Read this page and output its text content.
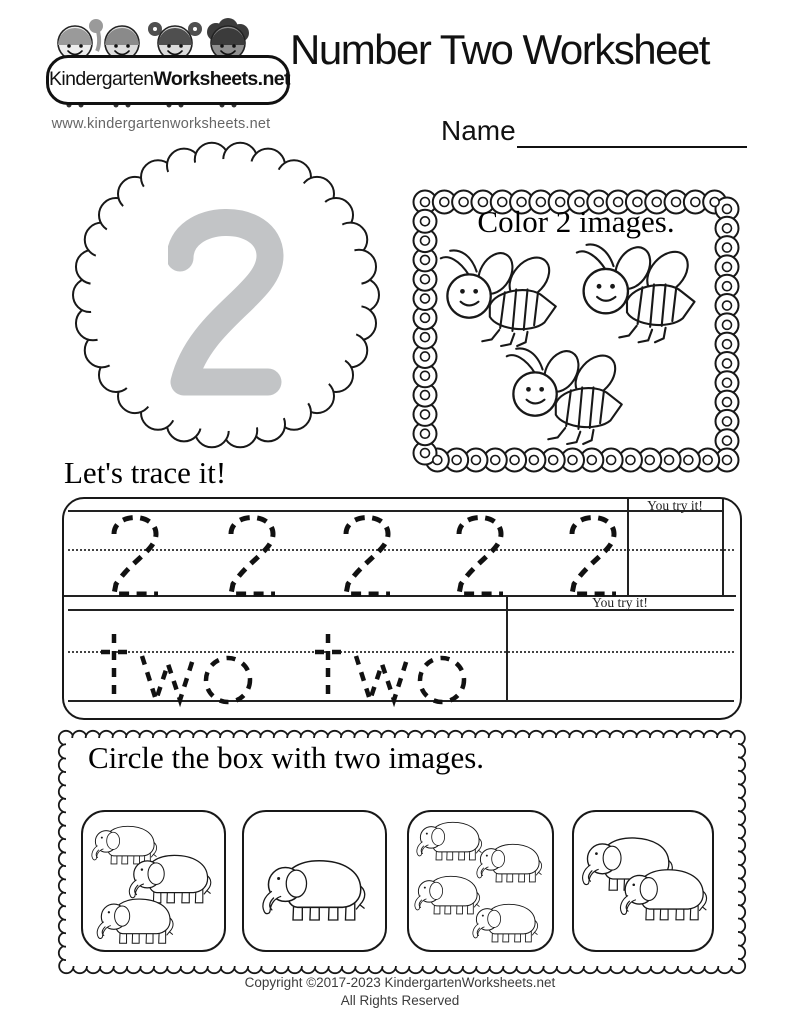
KindergartenWorksheets.net
www.kindergartenworksheets.net
Number Two Worksheet
Name
Color 2 images.
Let's trace it!
You try it!
You try it!
Circle the box with two images.
Copyright ©2017-2023 KindergartenWorksheets.net
All Rights Reserved
